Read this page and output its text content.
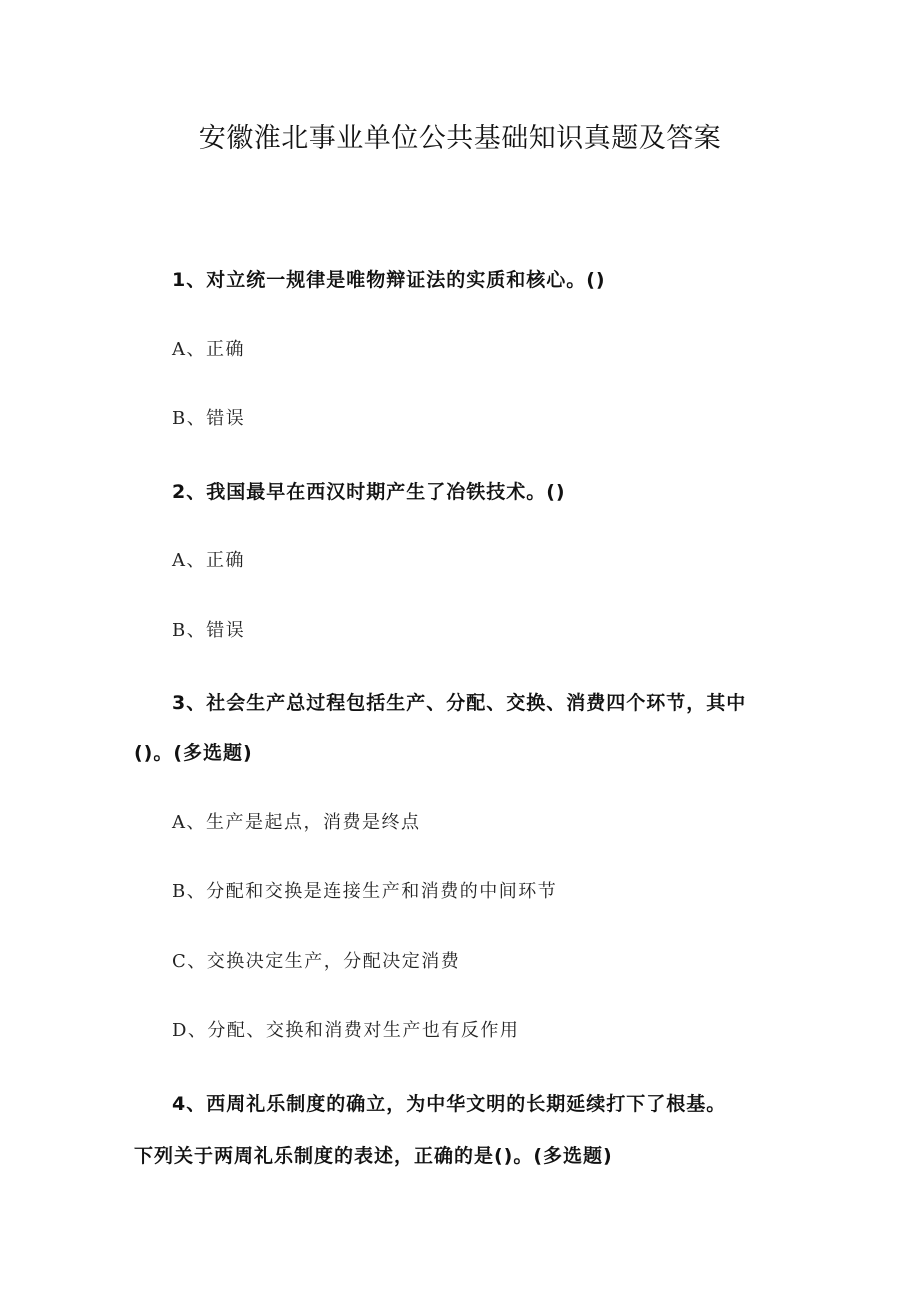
安徽淮北事业单位公共基础知识真题及答案
1、对立统一规律是唯物辩证法的实质和核心。()
A、正确
B、错误
2、我国最早在西汉时期产生了冶铁技术。()
A、正确
B、错误
3、社会生产总过程包括生产、分配、交换、消费四个环节，其中
()。(多选题)
A、生产是起点，消费是终点
B、分配和交换是连接生产和消费的中间环节
C、交换决定生产，分配决定消费
D、分配、交换和消费对生产也有反作用
4、西周礼乐制度的确立，为中华文明的长期延续打下了根基。
下列关于两周礼乐制度的表述，正确的是()。(多选题)
